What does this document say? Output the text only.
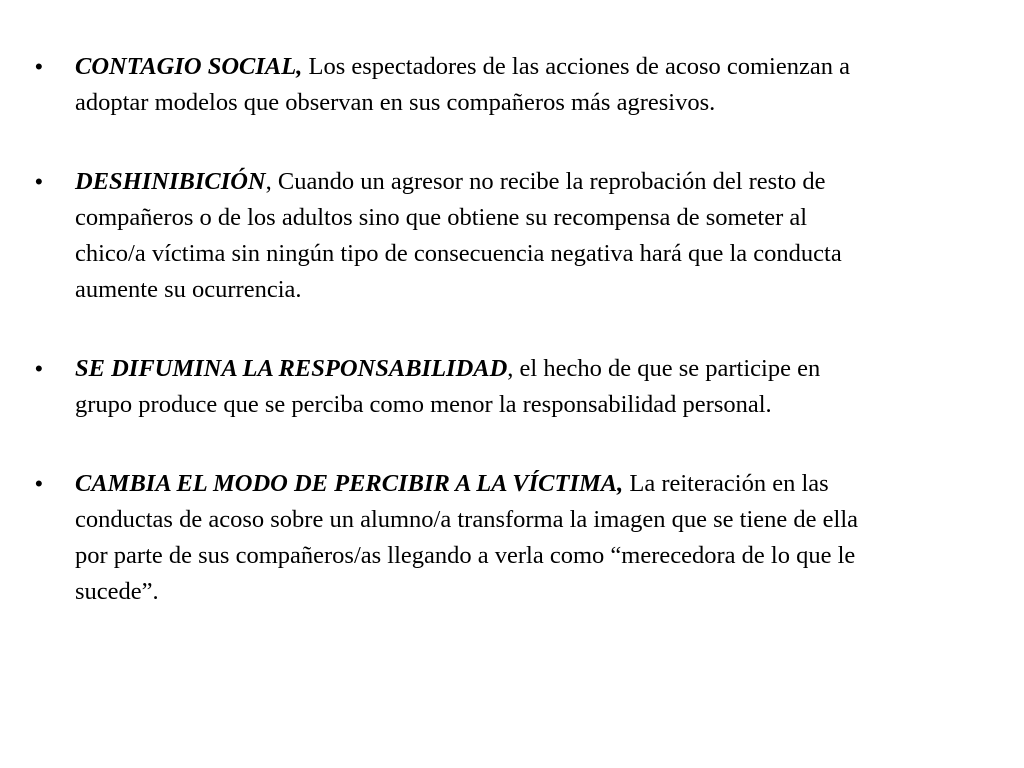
•	CONTAGIO SOCIAL, Los espectadores de las acciones de acoso comienzan a adoptar modelos que observan en sus compañeros más agresivos.
•	DESHINIBICIÓN, Cuando un agresor no recibe la reprobación del resto de compañeros o de los adultos sino que obtiene su recompensa de someter al chico/a víctima sin ningún tipo de consecuencia negativa hará que la conducta aumente su ocurrencia.
•	SE DIFUMINA LA RESPONSABILIDAD, el hecho de que se participe en grupo produce que se perciba como menor la responsabilidad personal.
•	CAMBIA EL MODO DE PERCIBIR A LA VÍCTIMA, La reiteración en las conductas de acoso sobre un alumno/a transforma la imagen que se tiene de ella por parte de sus compañeros/as llegando a verla como “merecedora de lo que le sucede”.
